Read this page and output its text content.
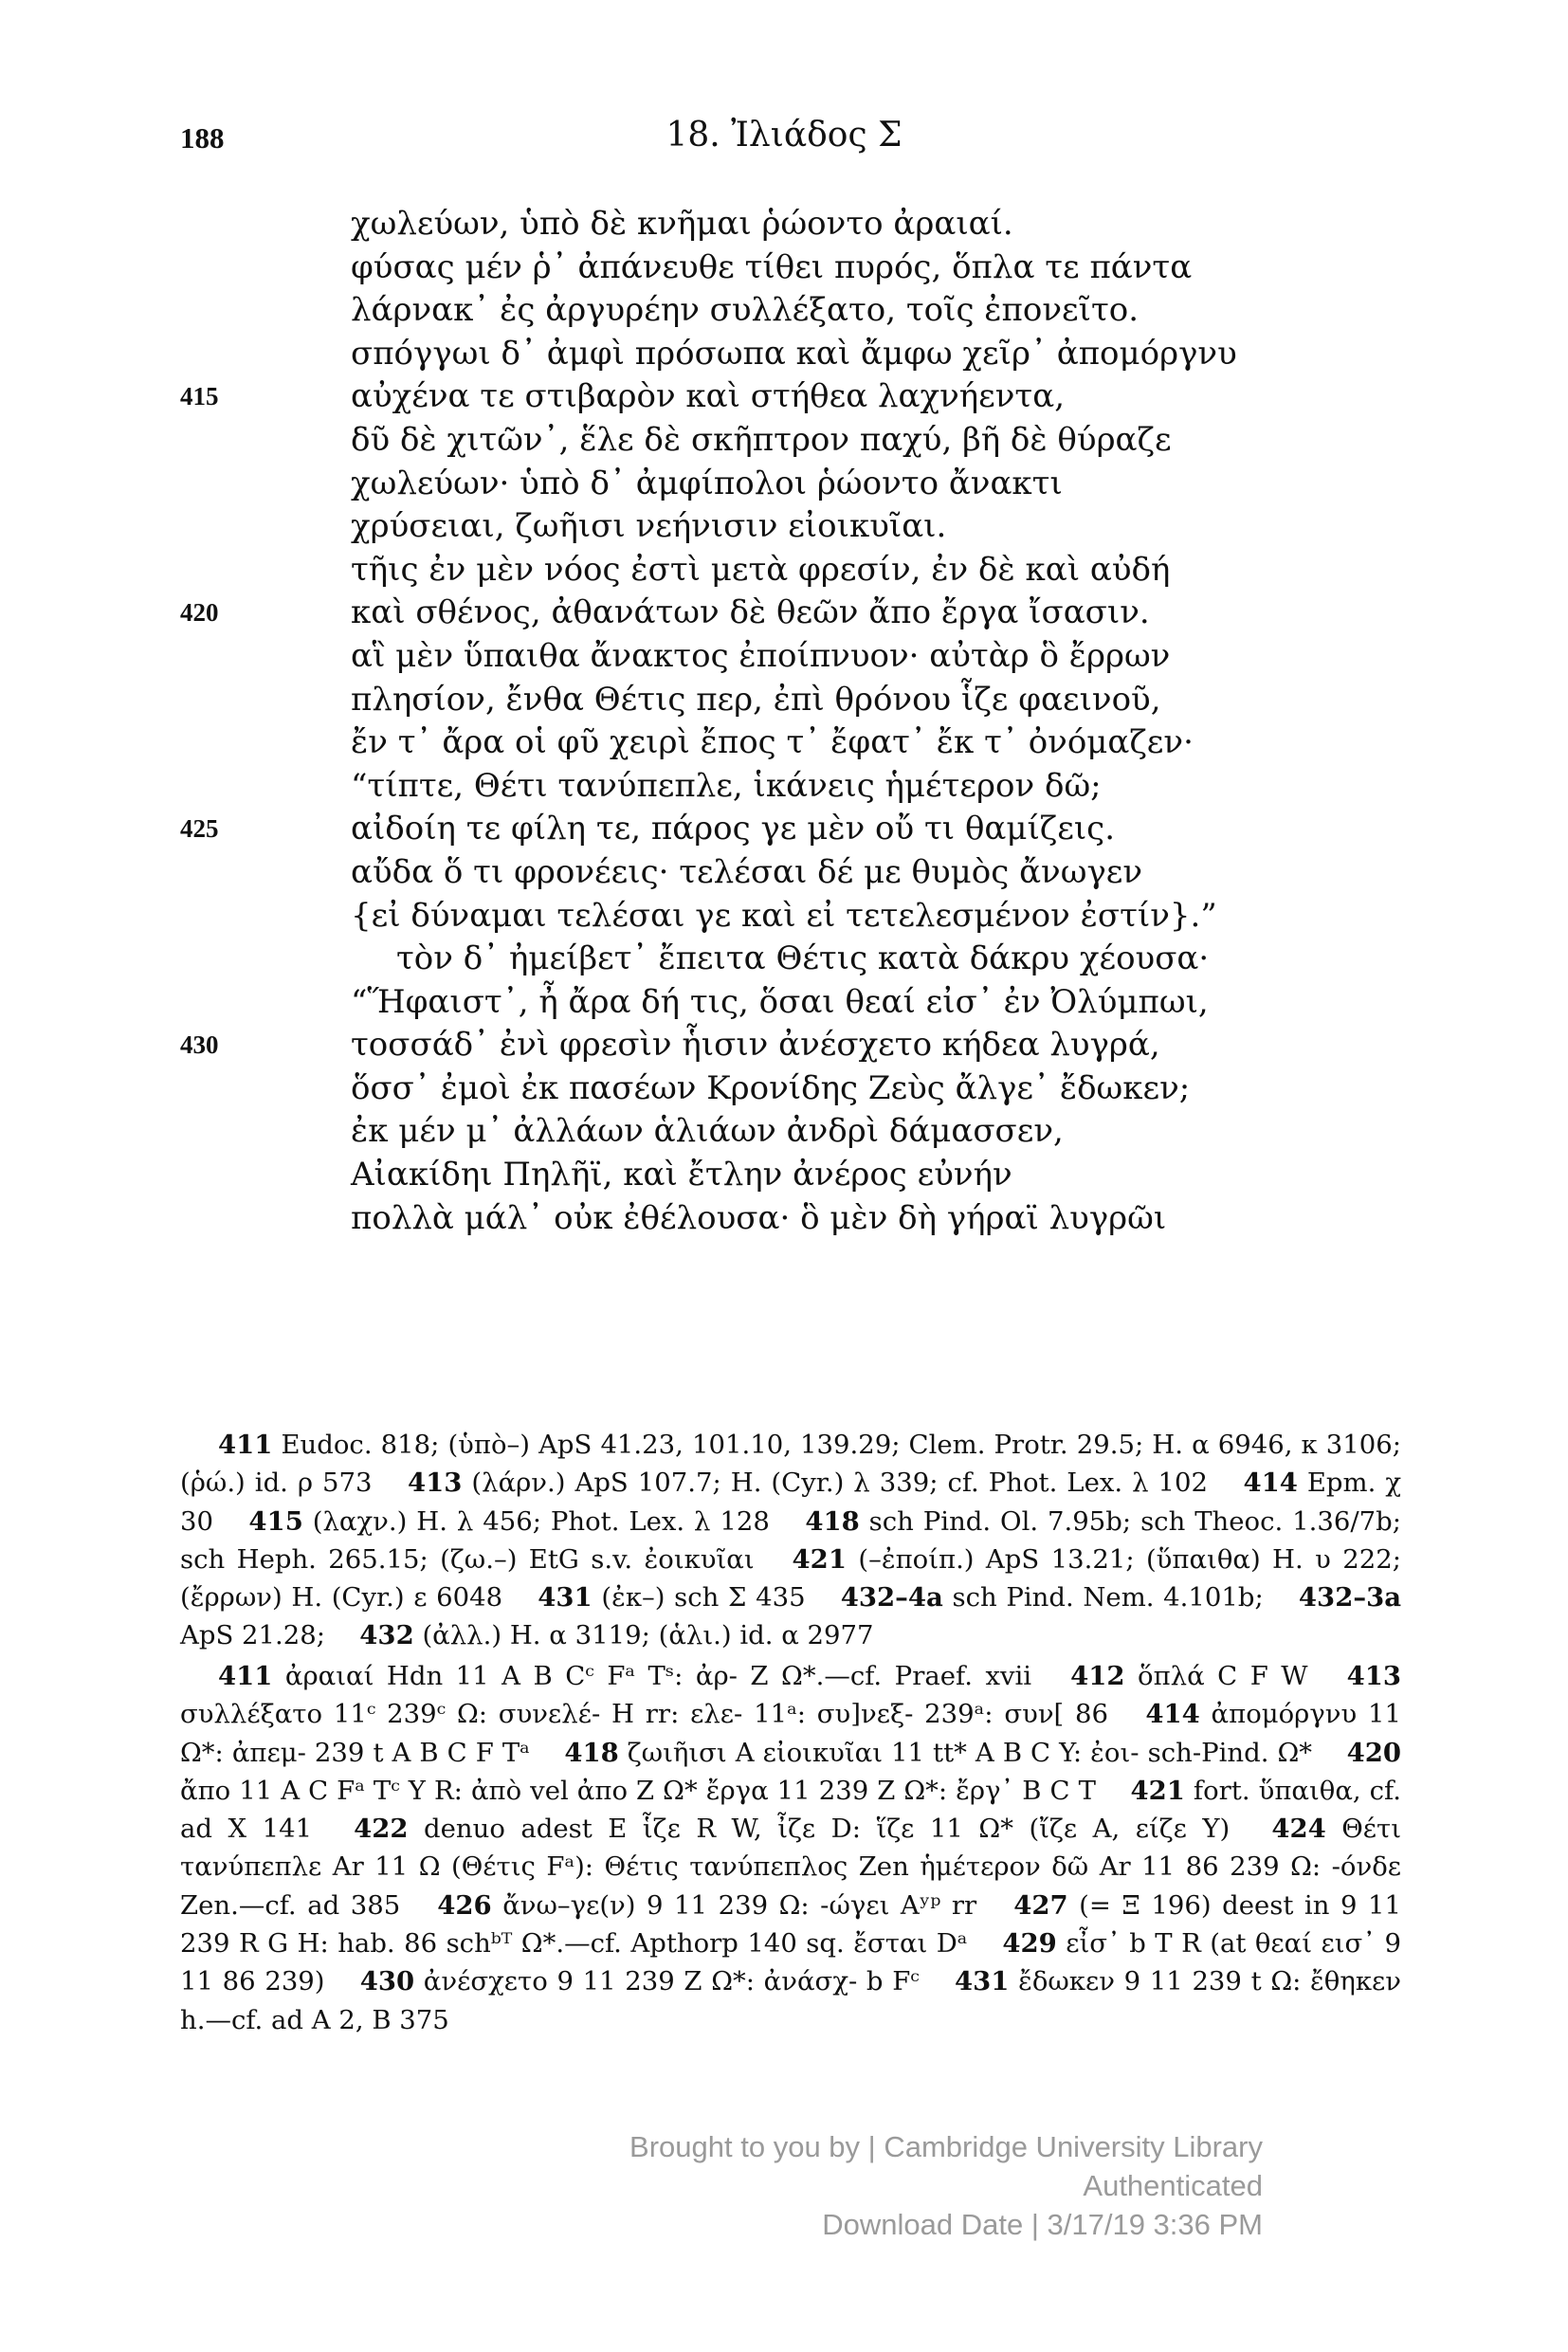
188	18. Ἰλιάδος Σ
χωλεύων, ὑπὸ δὲ κνῆμαι ῥώοντο ἀραιαί.
φύσας μέν ῥ᾽ ἀπάνευθε τίθει πυρός, ὅπλα τε πάντα
λάρνακ᾽ ἐς ἀργυρέην συλλέξατο, τοῖς ἐπονεῖτο.
σπόγγωι δ᾽ ἀμφὶ πρόσωπα καὶ ἄμφω χεῖρ᾽ ἀπομόργνυ
415	αὐχένα τε στιβαρὸν καὶ στήθεα λαχνήεντα,
δῦ δὲ χιτῶν᾽, ἕλε δὲ σκῆπτρον παχύ, βῆ δὲ θύραζε
χωλεύων· ὑπὸ δ᾽ ἀμφίπολοι ῥώοντο ἄνακτι
χρύσειαι, ζωῆισι νεήνισιν εἰοικυῖαι.
τῆις ἐν μὲν νόος ἐστὶ μετὰ φρεσίν, ἐν δὲ καὶ αὐδή
420	καὶ σθένος, ἀθανάτων δὲ θεῶν ἄπο ἔργα ἴσασιν.
αἳ μὲν ὕπαιθα ἄνακτος ἐποίπνυον· αὐτὰρ ὃ ἔρρων
πλησίον, ἔνθα Θέτις περ, ἐπὶ θρόνου ἷζε φαεινοῦ,
ἔν τ᾽ ἄρα οἱ φῦ χειρὶ ἔπος τ᾽ ἔφατ᾽ ἔκ τ᾽ ὀνόμαζεν·
“τίπτε, Θέτι τανύπεπλε, ἱκάνεις ἡμέτερον δῶ;
425	αἰδοίη τε φίλη τε, πάρος γε μὲν οὔ τι θαμίζεις.
αὔδα ὅ τι φρονέεις· τελέσαι δέ με θυμὸς ἄνωγεν
{εἰ δύναμαι τελέσαι γε καὶ εἰ τετελεσμένον ἐστίν}.”
τὸν δ᾽ ἠμείβετ᾽ ἔπειτα Θέτις κατὰ δάκρυ χέουσα·
“Ἥφαιστ᾽, ἦ ἄρα δή τις, ὅσαι θεαί εἰσ᾽ ἐν Ὀλύμπωι,
430	τοσσάδ᾽ ἐνὶ φρεσὶν ἧισιν ἀνέσχετο κήδεα λυγρά,
ὅσσ᾽ ἐμοὶ ἐκ πασέων Κρονίδης Ζεὺς ἄλγε᾽ ἔδωκεν;
ἐκ μέν μ᾽ ἀλλάων ἁλιάων ἀνδρὶ δάμασσεν,
Αἰακίδηι Πηλῆϊ, καὶ ἔτλην ἀνέρος εὐνήν
πολλὰ μάλ᾽ οὐκ ἐθέλουσα· ὃ μὲν δὴ γήραϊ λυγρῶι

411 Eudoc. 818; (ὑπὸ–) ApS 41.23, 101.10, 139.29; Clem. Protr. 29.5; H. α 6946, κ 3106; (ῥώ.) id. ρ 573  413 (λάρν.) ApS 107.7; H. (Cyr.) λ 339; cf. Phot. Lex. λ 102  414 Epm. χ 30  415 (λαχν.) H. λ 456; Phot. Lex. λ 128  418 sch Pind. Ol. 7.95b; sch Theoc. 1.36/7b; sch Heph. 265.15; (ζω.–) EtG s.v. ἐοικυῖαι  421 (–ἐποίπ.) ApS 13.21; (ὕπαιθα) H. υ 222; (ἔρρων) H. (Cyr.) ε 6048  431 (ἐκ–) sch Σ 435  432–4a sch Pind. Nem. 4.101b;  432–3a ApS 21.28;  432 (ἀλλ.) H. α 3119; (ἁλι.) id. α 2977 

411 ἀραιαί Hdn 11 A B Cᶜ Fᵃ Tˢ: ἀρ- Z Ω*.—cf. Praef. xvii  412 ὅπλά C F W  413 συλλέξατο 11ᶜ 239ᶜ Ω: συνελέ- H rr: ελε- 11ᵃ: συ]νεξ- 239ᵃ: συν[ 86  414 ἀπομόργνυ 11 Ω*: ἀπεμ- 239 t A B C F Tᵃ  418 ζωιῆισι A εἰοικυῖαι 11 tt* A B C Y: ἐοι- sch-Pind. Ω*  420 ἄπο 11 A C Fᵃ Tᶜ Y R: ἀπὸ vel ἀπο Z Ω* ἔργα 11 239 Z Ω*: ἔργ᾽ B C T  421 fort. ὕπαιθα, cf. ad X 141  422 denuo adest E ἷζε R W, ἶζε D: ἵζε 11 Ω* (ἴζε A, είζε Y)  424 Θέτι τανύπεπλε Ar 11 Ω (Θέτις Fᵃ): Θέτις τανύπεπλος Zen ἡμέτερον δῶ Ar 11 86 239 Ω: -όνδε Zen.—cf. ad 385  426 ἄνω–γε(ν) 9 11 239 Ω: -ώγει Aʸᵖ rr  427 (= Ξ 196) deest in 9 11 239 R G H: hab. 86 schᵇᵀ Ω*.—cf. Apthorp 140 sq. ἔσται Dᵃ  429 εἶσ᾽ b T R (at θεαί εισ᾽ 9 11 86 239)  430 ἀνέσχετο 9 11 239 Z Ω*: ἀνάσχ- b Fᶜ  431 ἔδωκεν 9 11 239 t Ω: ἔθηκεν h.—cf. ad A 2, B 375 

Brought to you by | Cambridge University Library
Authenticated
Download Date | 3/17/19 3:36 PM
